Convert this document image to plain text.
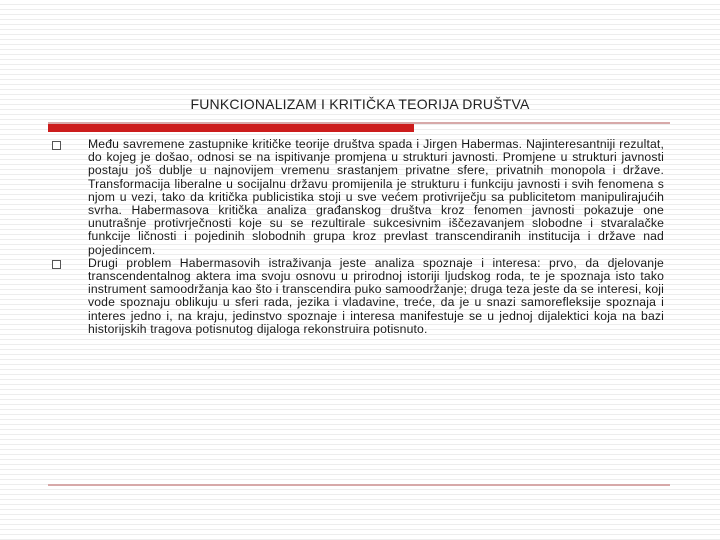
FUNKCIONALIZAM I KRITIČKA TEORIJA DRUŠTVA
Među savremene zastupnike kritičke teorije društva spada i Jirgen Habermas. Najinteresantniji rezultat, do kojeg je došao, odnosi se na ispitivanje promjena u strukturi javnosti. Promjene u strukturi javnosti postaju još dublje u najnovijem vremenu srastanjem privatne sfere, privatnih monopola i države. Transformacija liberalne u socijalnu državu promijenila je strukturu i funkciju javnosti i svih fenomena s njom u vezi, tako da kritička publicistika stoji u sve većem protivriječju sa publicitetom manipulirajućih svrha. Habermasova kritička analiza građanskog društva kroz fenomen javnosti pokazuje one unutrašnje protivrječnosti koje su se rezultirale sukcesivnim iščezavanjem slobodne i stvaralačke funkcije ličnosti i pojedinih slobodnih grupa kroz prevlast transcendiranih institucija i države nad pojedincem.
Drugi problem Habermasovih istraživanja jeste analiza spoznaje i interesa: prvo, da djelovanje transcendentalnog aktera ima svoju osnovu u prirodnoj istoriji ljudskog roda, te je spoznaja isto tako instrument samoodržanja kao što i transcendira puko samoodržanje; druga teza jeste da se interesi, koji vode spoznaju oblikuju u sferi rada, jezika i vladavine, treće, da je u snazi samorefleksije spoznaja i interes jedno i, na kraju, jedinstvo spoznaje i interesa manifestuje se u jednoj dijalektici koja na bazi historijskih tragova potisnutog dijaloga rekonstruira potisnuto.
